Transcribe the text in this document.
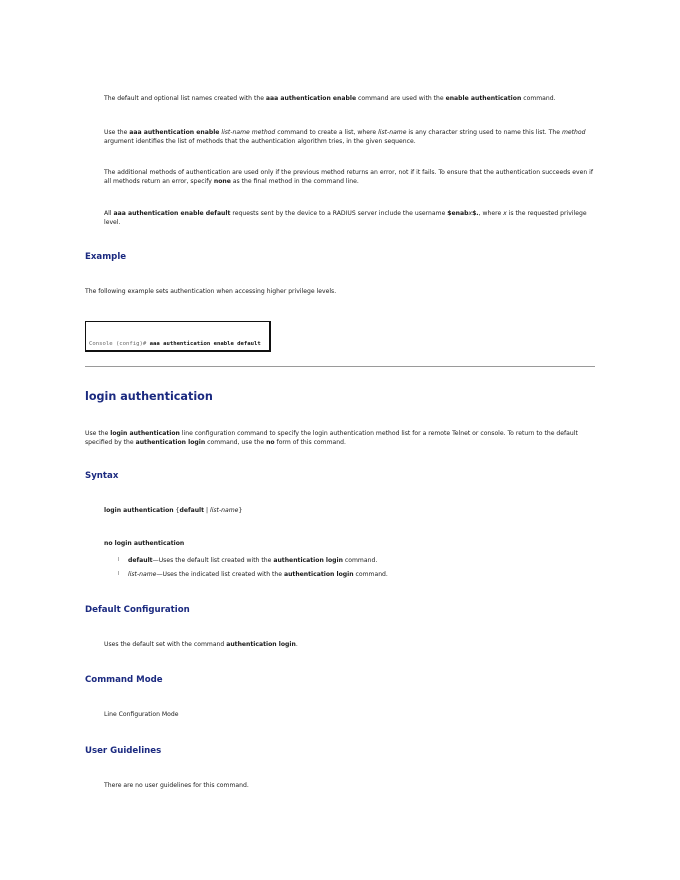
The default and optional list names created with the aaa authentication enable command are used with the enable authentication command.
Use the aaa authentication enable list-name method command to create a list, where list-name is any character string used to name this list. The method argument identifies the list of methods that the authentication algorithm tries, in the given sequence.
The additional methods of authentication are used only if the previous method returns an error, not if it fails. To ensure that the authentication succeeds even if all methods return an error, specify none as the final method in the command line.
All aaa authentication enable default requests sent by the device to a RADIUS server include the username $enabx$., where x is the requested privilege level.
Example
The following example sets authentication when accessing higher privilege levels.
Console (config)# aaa authentication enable default
login authentication
Use the login authentication line configuration command to specify the login authentication method list for a remote Telnet or console. To return to the default specified by the authentication login command, use the no form of this command.
Syntax
login authentication {default | list-name}
no login authentication
l default—Uses the default list created with the authentication login command.
l list-name—Uses the indicated list created with the authentication login command.
Default Configuration
Uses the default set with the command authentication login.
Command Mode
Line Configuration Mode
User Guidelines
There are no user guidelines for this command.
